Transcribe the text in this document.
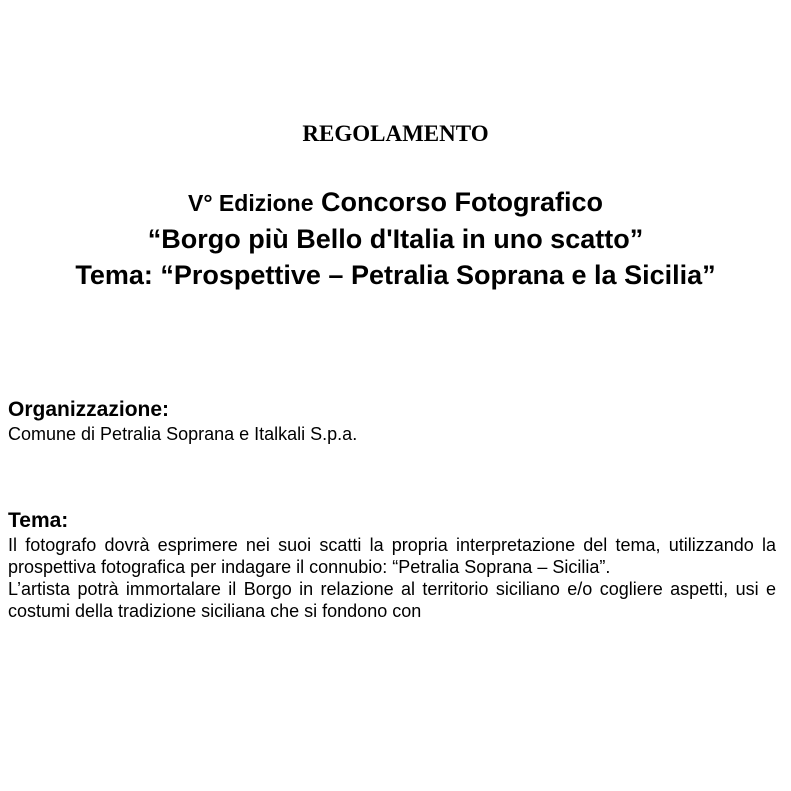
REGOLAMENTO
V° Edizione Concorso Fotografico
“Borgo più Bello d'Italia in uno scatto”
Tema: “Prospettive – Petralia Soprana e la Sicilia”
Organizzazione:
Comune di Petralia Soprana e Italkali S.p.a.
Tema:
Il fotografo dovrà esprimere nei suoi scatti la propria interpretazione del tema, utilizzando la prospettiva fotografica per indagare il connubio: “Petralia Soprana – Sicilia”.
L’artista potrà immortalare il Borgo in relazione al territorio siciliano e/o cogliere aspetti, usi e costumi della tradizione siciliana che si fondono con
